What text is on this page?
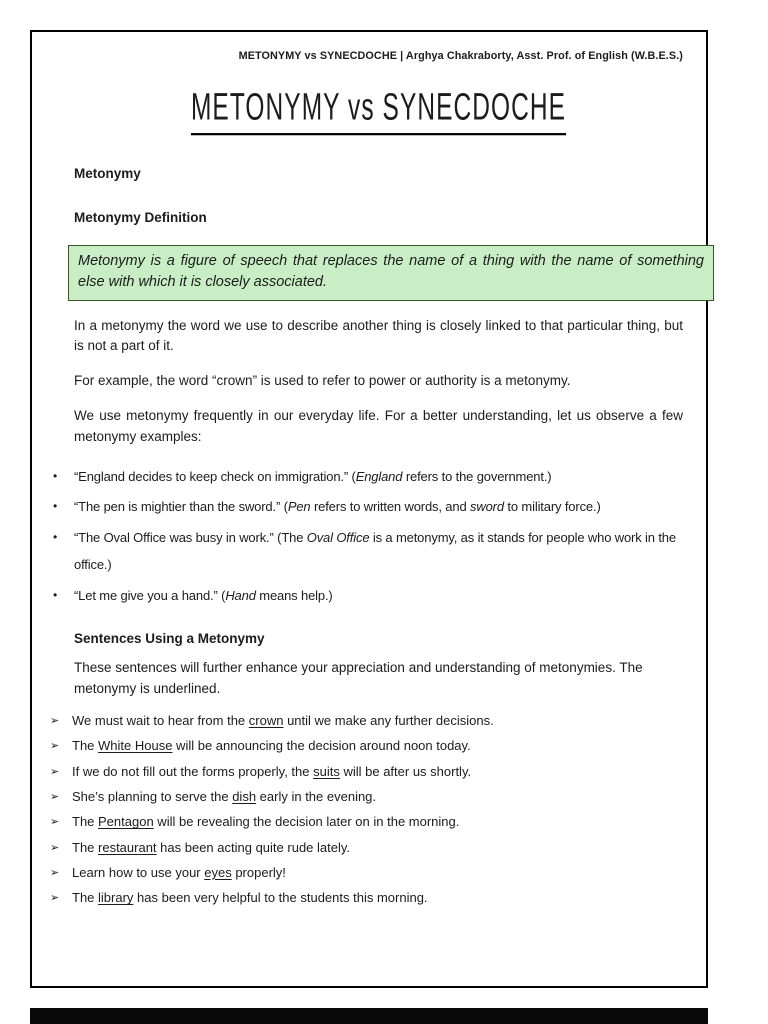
METONYMY vs SYNECDOCHE | Arghya Chakraborty, Asst. Prof. of English (W.B.E.S.)
METONYMY vs SYNECDOCHE

Metonymy

Metonymy Definition

Metonymy is a figure of speech that replaces the name of a thing with the name of something else with which it is closely associated.

In a metonymy the word we use to describe another thing is closely linked to that particular thing, but is not a part of it.

For example, the word “crown” is used to refer to power or authority is a metonymy.

We use metonymy frequently in our everyday life. For a better understanding, let us observe a few metonymy examples:

•	“England decides to keep check on immigration.” (England refers to the government.)
•	“The pen is mightier than the sword.” (Pen refers to written words, and sword to military force.)
•	“The Oval Office was busy in work.” (The Oval Office is a metonymy, as it stands for people who work in the office.)
•	“Let me give you a hand.” (Hand means help.)

Sentences Using a Metonymy

These sentences will further enhance your appreciation and understanding of metonymies. The metonymy is underlined.

➢ We must wait to hear from the crown until we make any further decisions.
➢ The White House will be announcing the decision around noon today.
➢ If we do not fill out the forms properly, the suits will be after us shortly.
➢ She’s planning to serve the dish early in the evening.
➢ The Pentagon will be revealing the decision later on in the morning.
➢ The restaurant has been acting quite rude lately.
➢ Learn how to use your eyes properly!
➢ The library has been very helpful to the students this morning.
